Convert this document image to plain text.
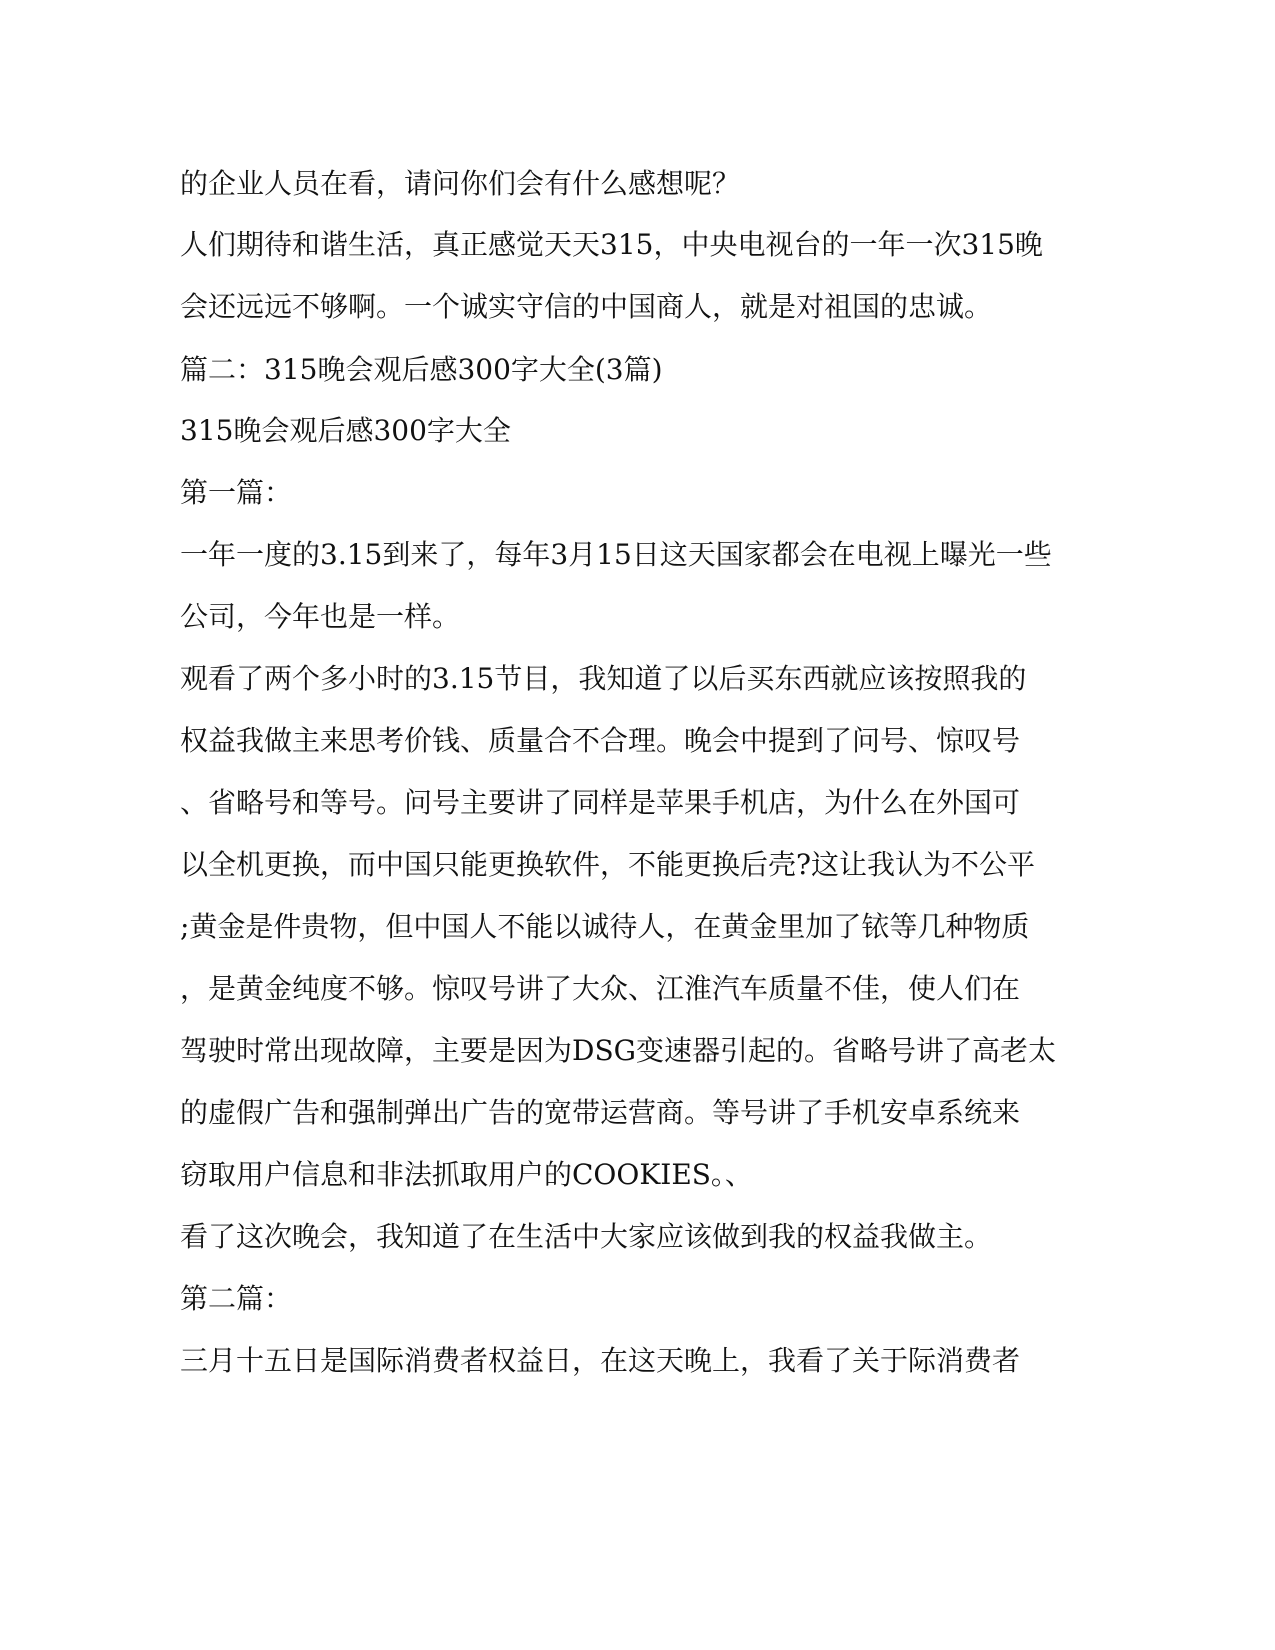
的企业人员在看，请问你们会有什么感想呢？

人们期待和谐生活，真正感觉天天315，中央电视台的一年一次315晚

会还远远不够啊。一个诚实守信的中国商人，就是对祖国的忠诚。

篇二：315晚会观后感300字大全(3篇)

315晚会观后感300字大全

第一篇：

一年一度的3.15到来了，每年3月15日这天国家都会在电视上曝光一些

公司，今年也是一样。

观看了两个多小时的3.15节目，我知道了以后买东西就应该按照我的

权益我做主来思考价钱、质量合不合理。晚会中提到了问号、惊叹号

、省略号和等号。问号主要讲了同样是苹果手机店，为什么在外国可

以全机更换，而中国只能更换软件，不能更换后壳?这让我认为不公平

;黄金是件贵物，但中国人不能以诚待人，在黄金里加了铱等几种物质

，是黄金纯度不够。惊叹号讲了大众、江淮汽车质量不佳，使人们在

驾驶时常出现故障，主要是因为DSG变速器引起的。省略号讲了高老太

的虚假广告和强制弹出广告的宽带运营商。等号讲了手机安卓系统来

窃取用户信息和非法抓取用户的COOKIES。、

看了这次晚会，我知道了在生活中大家应该做到我的权益我做主。

第二篇：

三月十五日是国际消费者权益日，在这天晚上，我看了关于际消费者
